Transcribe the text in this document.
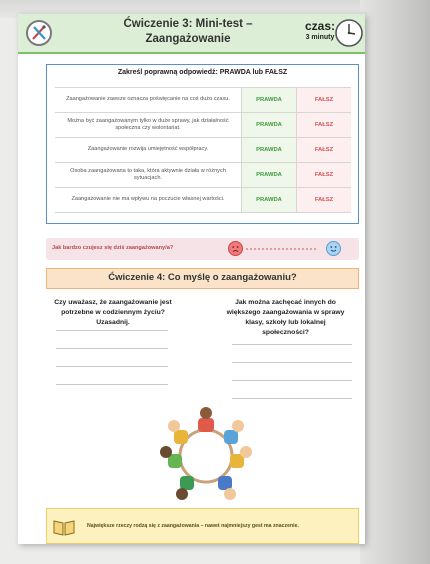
Ćwiczenie 3: Mini-test –
Zaangażowanie
czas:
3 minuty
Zakreśl poprawną odpowiedź: PRAWDA lub FAŁSZ
Zaangażowanie zawsze oznacza poświęcanie na coś dużo czasu.	PRAWDA	FAŁSZ
Można być zaangażowanym tylko w duże sprawy, jak działalność społeczna czy wolontariat.	PRAWDA	FAŁSZ
Zaangażowanie rozwija umiejętność współpracy.	PRAWDA	FAŁSZ
Osoba zaangażowana to taka, która aktywnie działa w różnych sytuacjach.	PRAWDA	FAŁSZ
Zaangażowanie nie ma wpływu na poczucie własnej wartości.	PRAWDA	FAŁSZ
Jak bardzo czujesz się dziś zaangażowany/a?
Ćwiczenie 4: Co myślę o zaangażowaniu?
Czy uważasz, że zaangażowanie jest potrzebne w codziennym życiu? Uzasadnij.
Jak można zachęcać innych do większego zaangażowania w sprawy klasy, szkoły lub lokalnej społeczności?
Największe rzeczy rodzą się z zaangażowania – nawet najmniejszy gest ma znaczenie.
